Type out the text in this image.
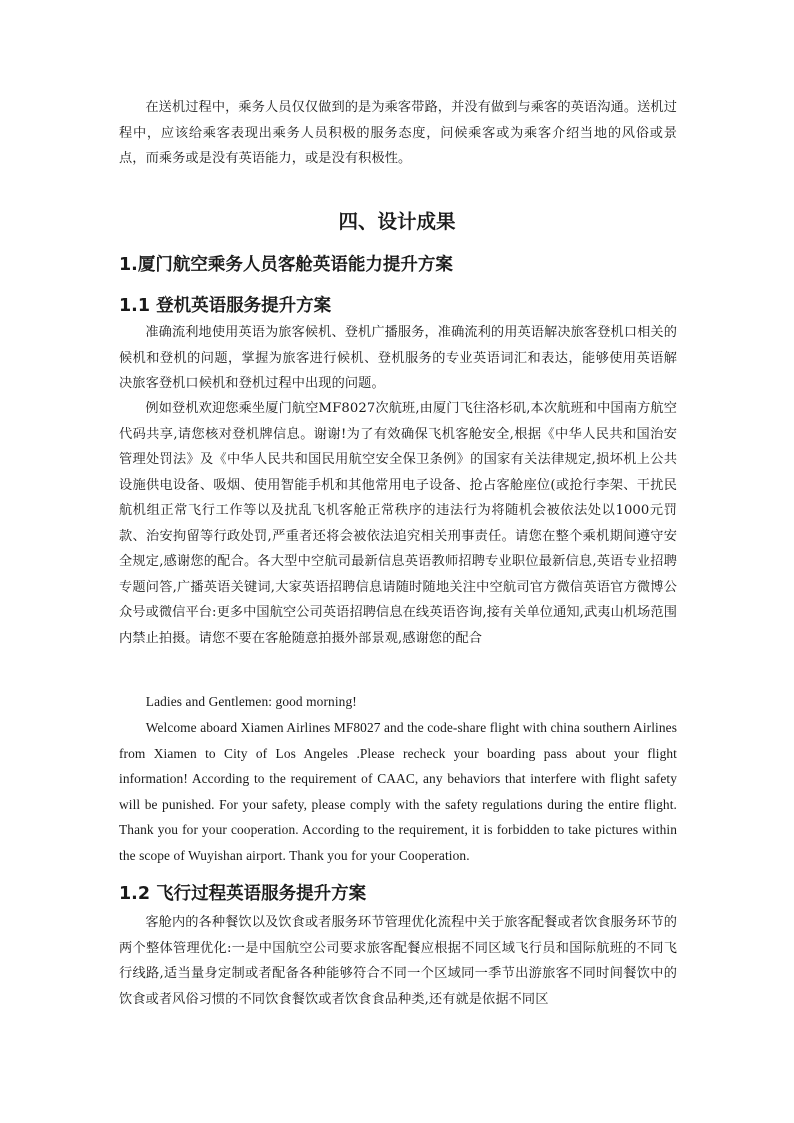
在送机过程中，乘务人员仅仅做到的是为乘客带路，并没有做到与乘客的英语沟通。送机过程中，应该给乘客表现出乘务人员积极的服务态度，问候乘客或为乘客介绍当地的风俗或景点，而乘务或是没有英语能力，或是没有积极性。

四、设计成果
1.厦门航空乘务人员客舱英语能力提升方案
1.1 登机英语服务提升方案

准确流利地使用英语为旅客候机、登机广播服务，准确流利的用英语解决旅客登机口相关的候机和登机的问题，掌握为旅客进行候机、登机服务的专业英语词汇和表达，能够使用英语解决旅客登机口候机和登机过程中出现的问题。

例如登机欢迎您乘坐厦门航空MF8027次航班,由厦门飞往洛杉矶,本次航班和中国南方航空代码共享,请您核对登机牌信息。谢谢!为了有效确保飞机客舱安全,根据《中华人民共和国治安管理处罚法》及《中华人民共和国民用航空安全保卫条例》的国家有关法律规定,损坏机上公共设施供电设备、吸烟、使用智能手机和其他常用电子设备、抢占客舱座位(或抢行李架、干扰民航机组正常飞行工作等以及扰乱飞机客舱正常秩序的违法行为将随机会被依法处以1000元罚款、治安拘留等行政处罚,严重者还将会被依法追究相关刑事责任。请您在整个乘机期间遵守安全规定,感谢您的配合。各大型中空航司最新信息英语教师招聘专业职位最新信息,英语专业招聘专题问答,广播英语关键词,大家英语招聘信息请随时随地关注中空航司官方微信英语官方微博公众号或微信平台:更多中国航空公司英语招聘信息在线英语咨询,接有关单位通知,武夷山机场范围内禁止拍摄。请您不要在客舱随意拍摄外部景观,感谢您的配合

Ladies and Gentlemen: good morning!

Welcome aboard Xiamen Airlines MF8027 and the code-share flight with china southern Airlines from Xiamen to City of Los Angeles .Please recheck your boarding pass about your flight information! According to the requirement of CAAC, any behaviors that interfere with flight safety will be punished. For your safety, please comply with the safety regulations during the entire flight. Thank you for your cooperation. According to the requirement, it is forbidden to take pictures within the scope of Wuyishan airport. Thank you for your Cooperation.

1.2 飞行过程英语服务提升方案

客舱内的各种餐饮以及饮食或者服务环节管理优化流程中关于旅客配餐或者饮食服务环节的两个整体管理优化:一是中国航空公司要求旅客配餐应根据不同区域飞行员和国际航班的不同飞行线路,适当量身定制或者配备各种能够符合不同一个区域同一季节出游旅客不同时间餐饮中的饮食或者风俗习惯的不同饮食餐饮或者饮食食品种类,还有就是依据不同区
